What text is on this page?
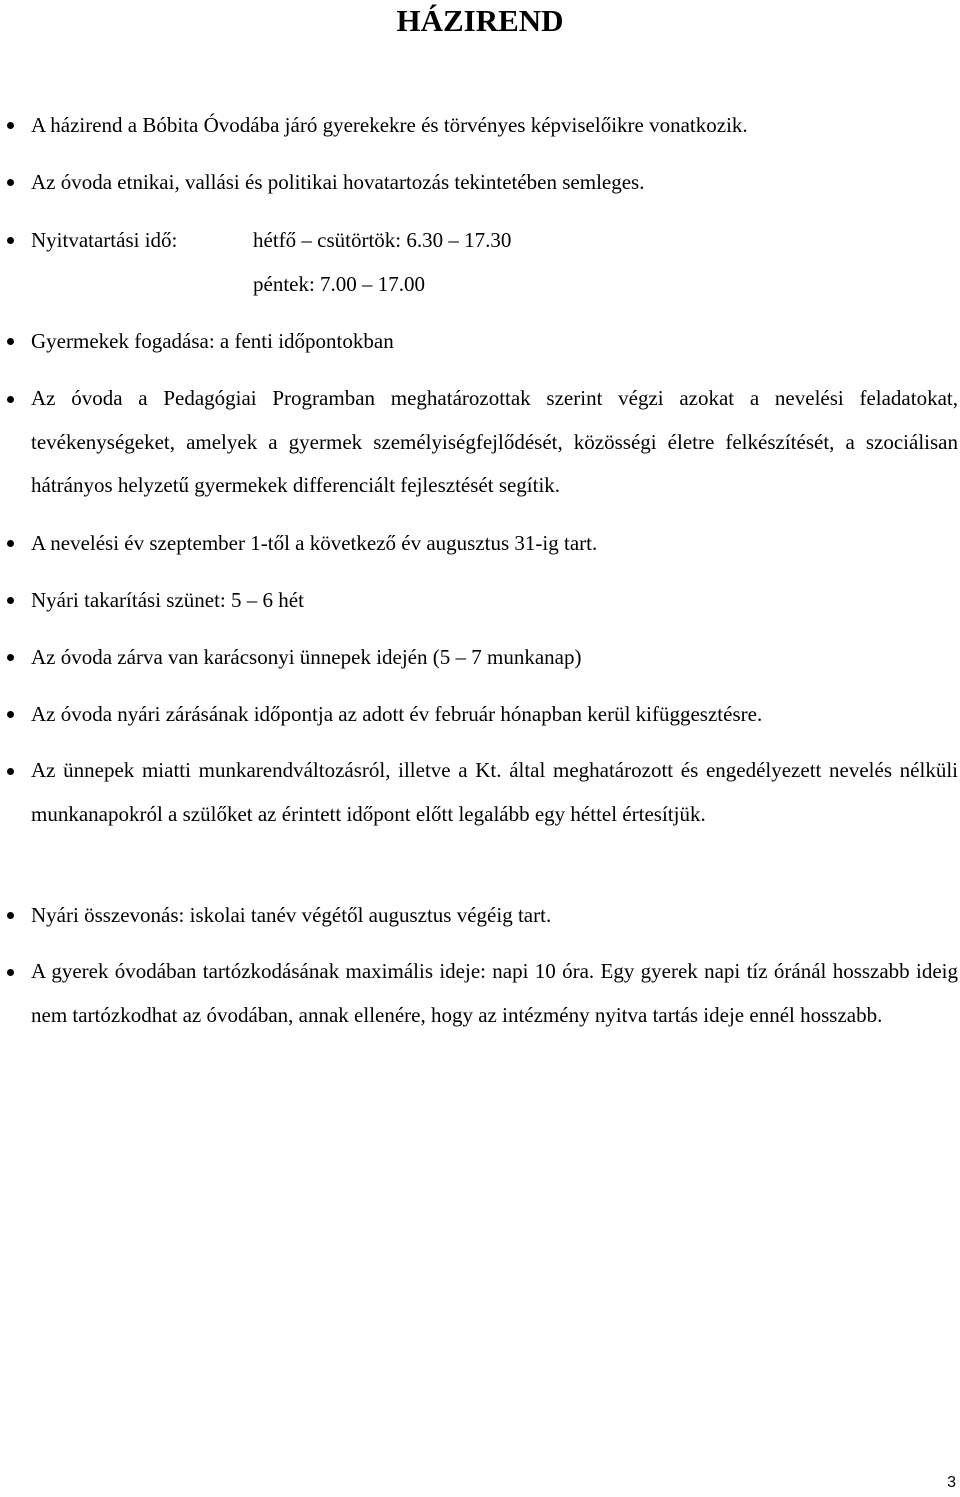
HÁZIREND
A házirend a Bóbita Óvodába járó gyerekekre és törvényes képviselőikre vonatkozik.
Az óvoda etnikai, vallási és politikai hovatartozás tekintetében semleges.
Nyitvatartási idő:	hétfő – csütörtök: 6.30 – 17.30
péntek: 7.00 – 17.00
Gyermekek fogadása: a fenti időpontokban
Az óvoda a Pedagógiai Programban meghatározottak szerint végzi azokat a nevelési feladatokat, tevékenységeket, amelyek a gyermek személyiségfejlődését, közösségi életre felkészítését, a szociálisan hátrányos helyzetű gyermekek differenciált fejlesztését segítik.
A nevelési év szeptember 1-től a következő év augusztus 31-ig tart.
Nyári takarítási szünet: 5 – 6 hét
Az óvoda zárva van karácsonyi ünnepek idején (5 – 7 munkanap)
Az óvoda nyári zárásának időpontja az adott év február hónapban kerül kifüggesztésre.
Az ünnepek miatti munkarendváltozásról, illetve a Kt. által meghatározott és engedélyezett nevelés nélküli munkanapokról a szülőket az érintett időpont előtt legalább egy héttel értesítjük.
Nyári összevonás: iskolai tanév végétől augusztus végéig tart.
A gyerek óvodában tartózkodásának maximális ideje: napi 10 óra. Egy gyerek napi tíz óránál hosszabb ideig nem tartózkodhat az óvodában, annak ellenére, hogy az intézmény nyitva tartás ideje ennél hosszabb.
3
